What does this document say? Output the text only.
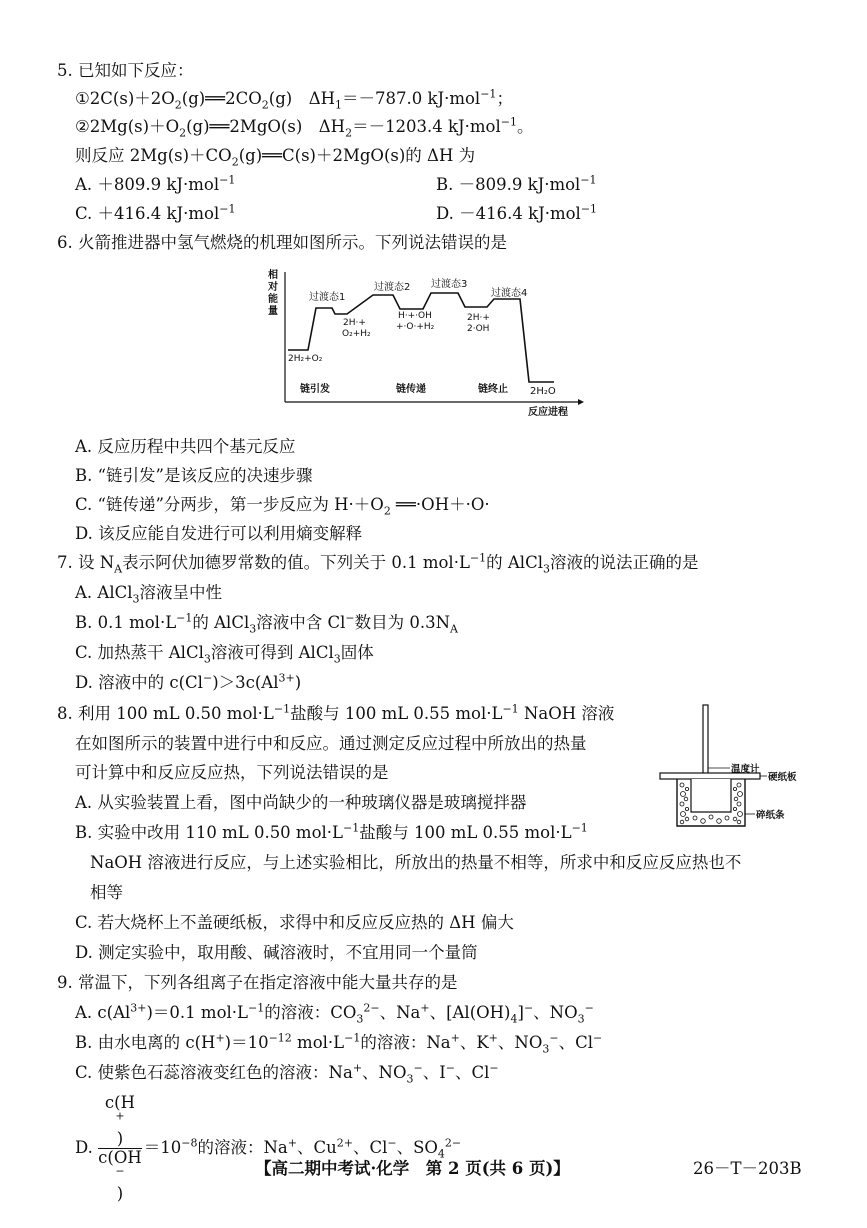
5. 已知如下反应：
$①2C(s)+2O_2(g)══2CO_2(g)$　$\Delta H_1=-787.0$ kJ·mol$^{-1}$；
$②2Mg(s)+O_2(g)══2MgO(s)$　$\Delta H_2=-1203.4$ kJ·mol$^{-1}$。
则反应 $2Mg(s)+CO_2(g)══C(s)+2MgO(s)$的 ΔH 为
A. ＋809.9 kJ·mol$^{-1}$	B. －809.9 kJ·mol$^{-1}$
C. ＋416.4 kJ·mol$^{-1}$	D. －416.4 kJ·mol$^{-1}$
6. 火箭推进器中氢气燃烧的机理如图所示。下列说法错误的是
相
对
能
量
反应进程
过渡态1
过渡态2 过渡态3
过渡态4
2H₂+O₂
2H·+
O₂+H₂
H·+·OH
+·O·+H₂
2H·+
2·OH
2H₂O
链引发	链传递	链终止
A. 反应历程中共四个基元反应
B. “链引发”是该反应的决速步骤
C. “链传递”分两步，第一步反应为 $H\cdot+O_2$ ══·OH＋·O·
D. 该反应能自发进行可以利用熵变解释
7. 设 $N_A$表示阿伏加德罗常数的值。下列关于 0.1 $mol\cdot L^{-1}$的 AlCl$_3$溶液的说法正确的是
A. AlCl$_3$溶液呈中性
B. 0.1 $mol\cdot L^{-1}$的 AlCl$_3$溶液中含 Cl−数目为 $0.3N_A$
C. 加热蒸干 AlCl$_3$溶液可得到 AlCl$_3$固体
D. 溶液中的 $c(Cl^-)>3c(Al^{3+})$
8. 利用 100 mL 0.50 $mol\cdot L^{-1}$盐酸与 100 mL 0.55 $mol\cdot L^{-1}$ NaOH 溶液
在如图所示的装置中进行中和反应。通过测定反应过程中所放出的热量
可计算中和反应反应热，下列说法错误的是	温度计
硬纸板
碎纸条
A. 从实验装置上看，图中尚缺少的一种玻璃仪器是玻璃搅拌器
B. 实验中改用 110 mL 0.50 $mol\cdot L^{-1}$盐酸与 100 mL 0.55 $mol\cdot L^{-1}$
NaOH 溶液进行反应，与上述实验相比，所放出的热量不相等，所求中和反应反应热也不
相等
C. 若大烧杯上不盖硬纸板，求得中和反应反应热的 ΔH 偏大
D. 测定实验中，取用酸、碱溶液时，不宜用同一个量筒
9. 常温下，下列各组离子在指定溶液中能大量共存的是
A. $c(Al^{3+})=0.1$ $mol\cdot L^{-1}$的溶液：$CO_3^{2-}$、Na+、$[Al(OH)_4]^-$、$NO_3^-$
B. 由水电离的 $c(H^+)=10^{-12}$ $mol\cdot L^{-1}$的溶液：Na+、K+、$NO_3^-$、Cl−
C. 使紫色石蕊溶液变红色的溶液：Na+、$NO_3^-$、I−、Cl−
D. c(H
+
)
c(OH
−
) $=10^{-8}$的溶液：Na+、$Cu^{2+}$、Cl−、$SO_4^{2-}$
【高二期中考试·化学　第 2 页(共 6 页)】	26－T－203B
